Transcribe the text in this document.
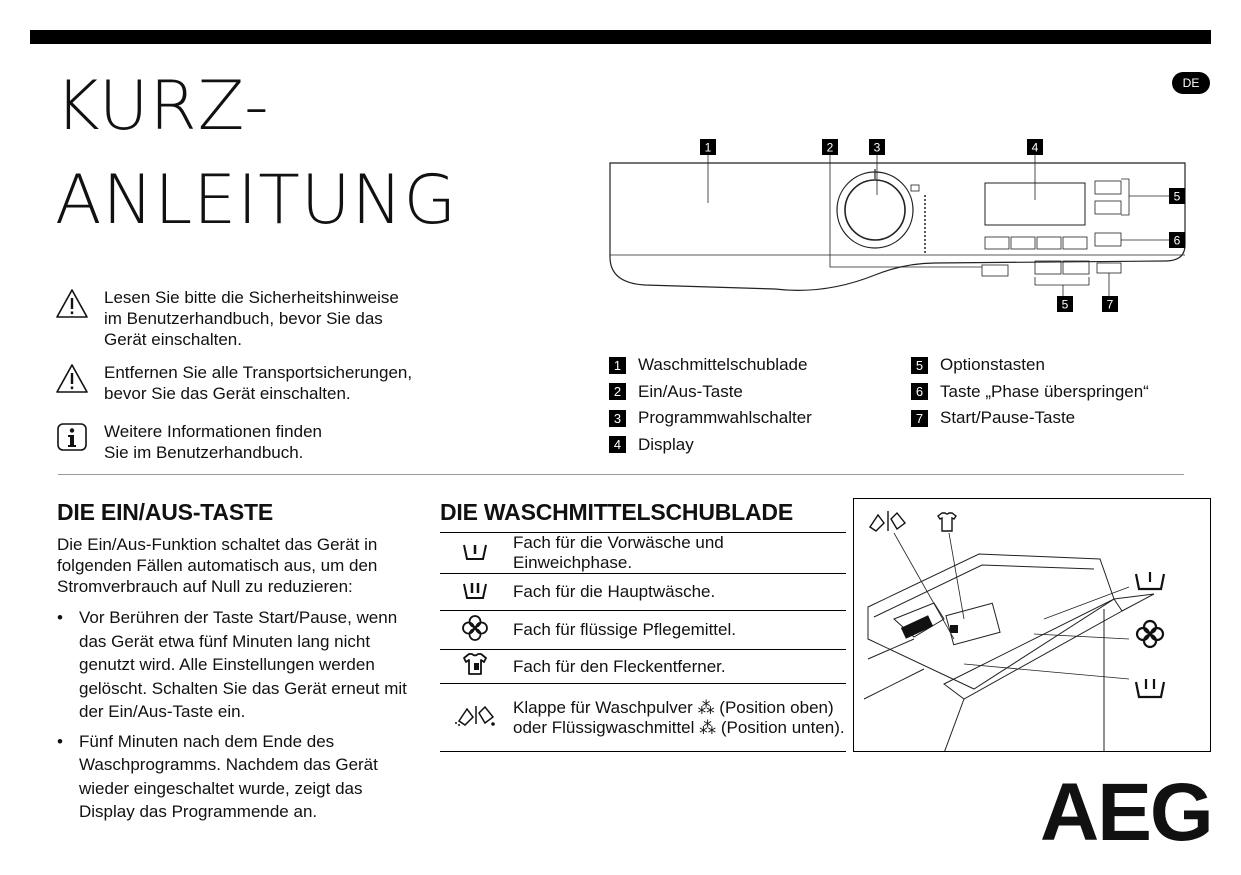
DE
KURZ-
ANLEITUNG
Lesen Sie bitte die Sicherheitshinweise
im Benutzerhandbuch, bevor Sie das
Gerät einschalten.
Entfernen Sie alle Transportsicherungen,
bevor Sie das Gerät einschalten.
Weitere Informationen finden
Sie im Benutzerhandbuch.
1	2	3	4
5
6
5	7
1 Waschmittelschublade
2 Ein/Aus-Taste
3 Programmwahlschalter
4 Display
5 Optionstasten
6 Taste „Phase überspringen“
7 Start/Pause-Taste
DIE EIN/AUS-TASTE
Die Ein/Aus-Funktion schaltet das Gerät in folgenden Fällen automatisch aus, um den Stromverbrauch auf Null zu reduzieren:
• Vor Berühren der Taste Start/Pause, wenn das Gerät etwa fünf Minuten lang nicht genutzt wird. Alle Einstellungen werden gelöscht. Schalten Sie das Gerät erneut mit der Ein/Aus-Taste ein.
• Fünf Minuten nach dem Ende des Waschprogramms. Nachdem das Gerät wieder eingeschaltet wurde, zeigt das Display das Programmende an.
DIE WASCHMITTELSCHUBLADE
	Fach für die Vorwäsche und Einweichphase.
	Fach für die Hauptwäsche.
	Fach für flüssige Pflegemittel.
	Fach für den Fleckentferner.
	Klappe für Waschpulver ⁂ (Position oben) oder Flüssigwaschmittel ⁂ (Position unten).
AEG
